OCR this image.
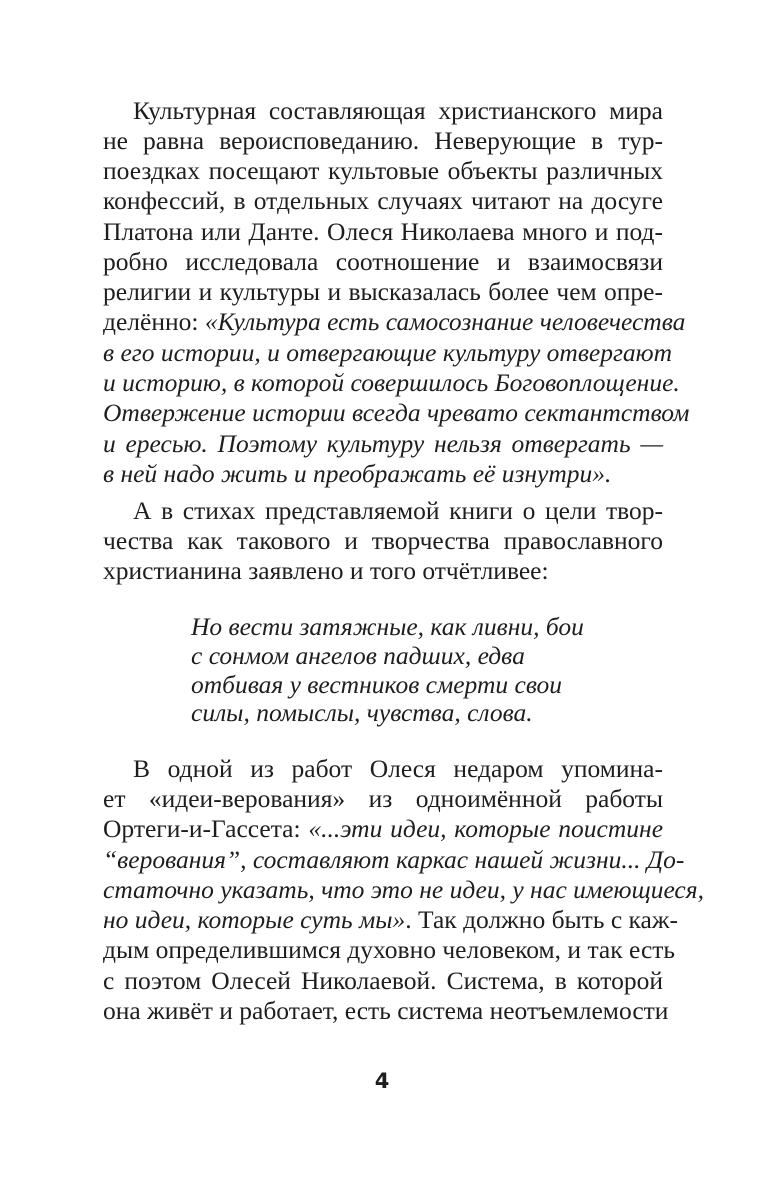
Культурная составляющая христианского мира
не равна вероисповеданию. Неверующие в тур-
поездках посещают культовые объекты различных
конфессий, в отдельных случаях читают на досуге
Платона или Данте. Олеся Николаева много и под-
робно исследовала соотношение и взаимосвязи
религии и культуры и высказалась более чем опре-
делённо: «Культура есть самосознание человечества
в его истории, и отвергающие культуру отвергают
и историю, в которой совершилось Боговоплощение.
Отвержение истории всегда чревато сектантством
и ересью. Поэтому культуру нельзя отвергать —
в ней надо жить и преображать её изнутри».
А в стихах представляемой книги о цели твор-
чества как такового и творчества православного
христианина заявлено и того отчётливее:
Но вести затяжные, как ливни, бои
с сонмом ангелов падших, едва
отбивая у вестников смерти свои
силы, помыслы, чувства, слова.
В одной из работ Олеся недаром упомина-
ет «идеи-верования» из одноимённой работы
Ортеги-и-Гассета: «...эти идеи, которые поистине
“верования”, составляют каркас нашей жизни... До-
статочно указать, что это не идеи, у нас имеющиеся,
но идеи, которые суть мы». Так должно быть с каж-
дым определившимся духовно человеком, и так есть
с поэтом Олесей Николаевой. Система, в которой
она живёт и работает, есть система неотъемлемости
4
